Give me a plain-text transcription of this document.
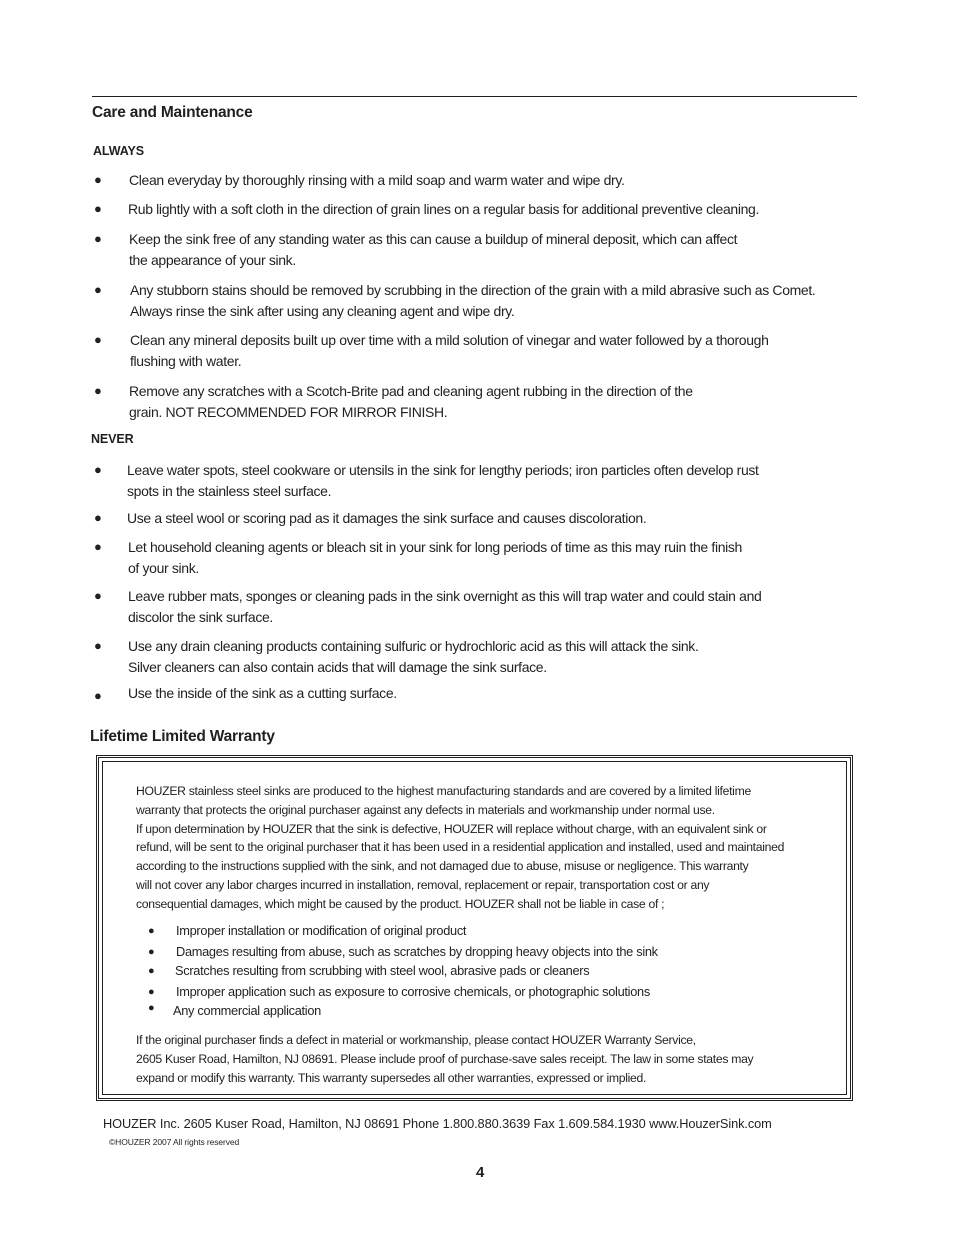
Care and Maintenance
ALWAYS
● Clean everyday by thoroughly rinsing with a mild soap and warm water and wipe dry.
● Rub lightly with a soft cloth in the direction of grain lines on a regular basis for additional preventive cleaning.
● Keep the sink free of any standing water as this can cause a buildup of mineral deposit, which can affect
the appearance of your sink.
● Any stubborn stains should be removed by scrubbing in the direction of the grain with a mild abrasive such as Comet.
Always rinse the sink after using any cleaning agent and wipe dry.
● Clean any mineral deposits built up over time with a mild solution of vinegar and water followed by a thorough
flushing with water.
● Remove any scratches with a Scotch-Brite pad and cleaning agent rubbing in the direction of the
grain. NOT RECOMMENDED FOR MIRROR FINISH.
NEVER
● Leave water spots, steel cookware or utensils in the sink for lengthy periods; iron particles often develop rust
spots in the stainless steel surface.
● Use a steel wool or scoring pad as it damages the sink surface and causes discoloration.
● Let household cleaning agents or bleach sit in your sink for long periods of time as this may ruin the finish
of your sink.
● Leave rubber mats, sponges or cleaning pads in the sink overnight as this will trap water and could stain and
discolor the sink surface.
● Use any drain cleaning products containing sulfuric or hydrochloric acid as this will attack the sink.
Silver cleaners can also contain acids that will damage the sink surface.
● Use the inside of the sink as a cutting surface.
Lifetime Limited Warranty
HOUZER stainless steel sinks are produced to the highest manufacturing standards and are covered by a limited lifetime
warranty that protects the original purchaser against any defects in materials and workmanship under normal use.
If upon determination by HOUZER that the sink is defective, HOUZER will replace without charge, with an equivalent sink or
refund, will be sent to the original purchaser that it has been used in a residential application and installed, used and maintained
according to the instructions supplied with the sink, and not damaged due to abuse, misuse or negligence. This warranty
will not cover any labor charges incurred in installation, removal, replacement or repair, transportation cost or any
consequential damages, which might be caused by the product. HOUZER shall not be liable in case of ;
● Improper installation or modification of original product
● Damages resulting from abuse, such as scratches by dropping heavy objects into the sink
● Scratches resulting from scrubbing with steel wool, abrasive pads or cleaners
● Improper application such as exposure to corrosive chemicals, or photographic solutions
● Any commercial application
If the original purchaser finds a defect in material or workmanship, please contact HOUZER Warranty Service,
2605 Kuser Road, Hamilton, NJ 08691. Please include proof of purchase-save sales receipt. The law in some states may
expand or modify this warranty. This warranty supersedes all other warranties, expressed or implied.
HOUZER Inc. 2605 Kuser Road, Hamilton, NJ 08691 Phone 1.800.880.3639 Fax 1.609.584.1930 www.HouzerSink.com
©HOUZER 2007 All rights reserved
4
